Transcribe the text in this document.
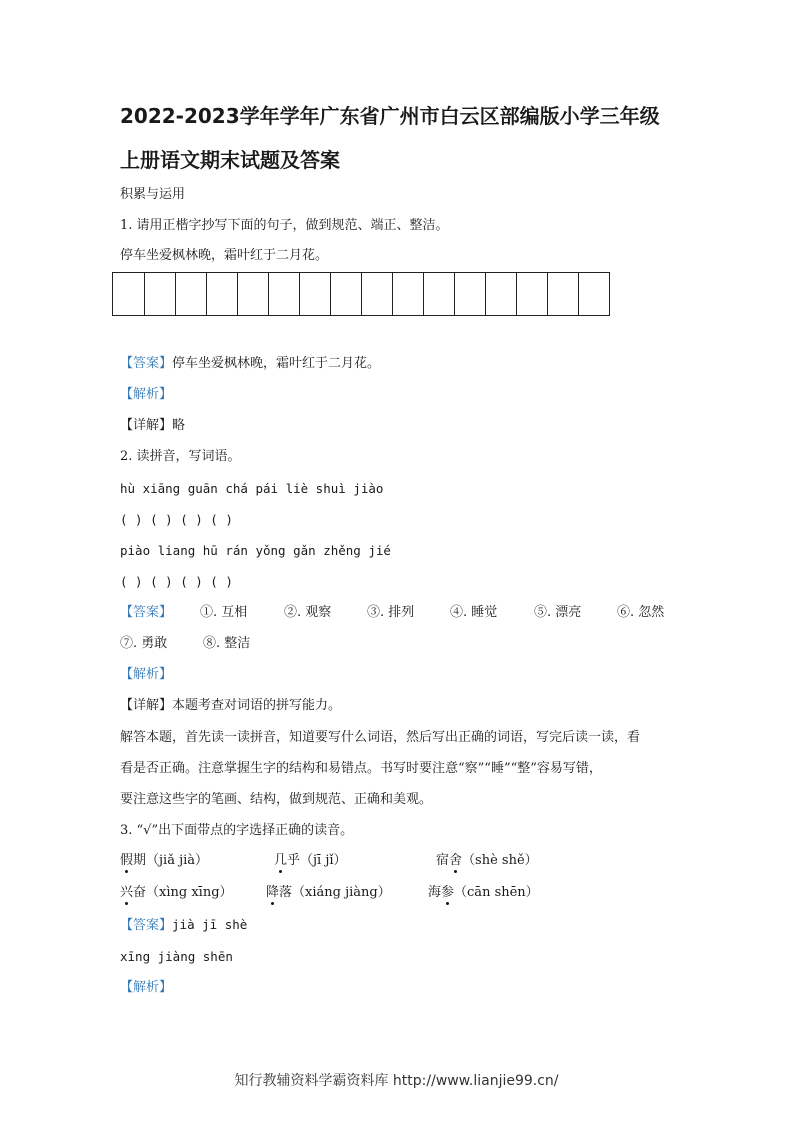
2022-2023学年学年广东省广州市白云区部编版小学三年级
上册语文期末试题及答案
积累与运用
1. 请用正楷字抄写下面的句子，做到规范、端正、整洁。
停车坐爱枫林晚，霜叶红于二月花。
【答案】停车坐爱枫林晚，霜叶红于二月花。
【解析】
【详解】略
2. 读拼音，写词语。
hù xiāng guān chá pái liè shuì jiào
( ) ( ) ( ) ( )
piào liang hū rán yǒng gǎn zhěng jié
( ) ( ) ( ) ( )
【答案】 ①. 互相	②. 观察	③. 排列	④. 睡觉	⑤. 漂亮	⑥. 忽然
⑦. 勇敢	⑧. 整洁
【解析】
【详解】本题考查对词语的拼写能力。
解答本题，首先读一读拼音，知道要写什么词语，然后写出正确的词语，写完后读一读，看
看是否正确。注意掌握生字的结构和易错点。书写时要注意“察”“睡”“整”容易写错，
要注意这些字的笔画、结构，做到规范、正确和美观。
3. “√”出下面带点的字选择正确的读音。
假期（jiǎ jià）	几乎（jī jǐ）	宿舍（shè shě）
兴奋（xìng xīng）	降落（xiáng jiàng）	海参（cān shēn）
【答案】jià jī shè
xīng jiàng shēn
【解析】
知行教辅资料学霸资料库 http://www.lianjie99.cn/
